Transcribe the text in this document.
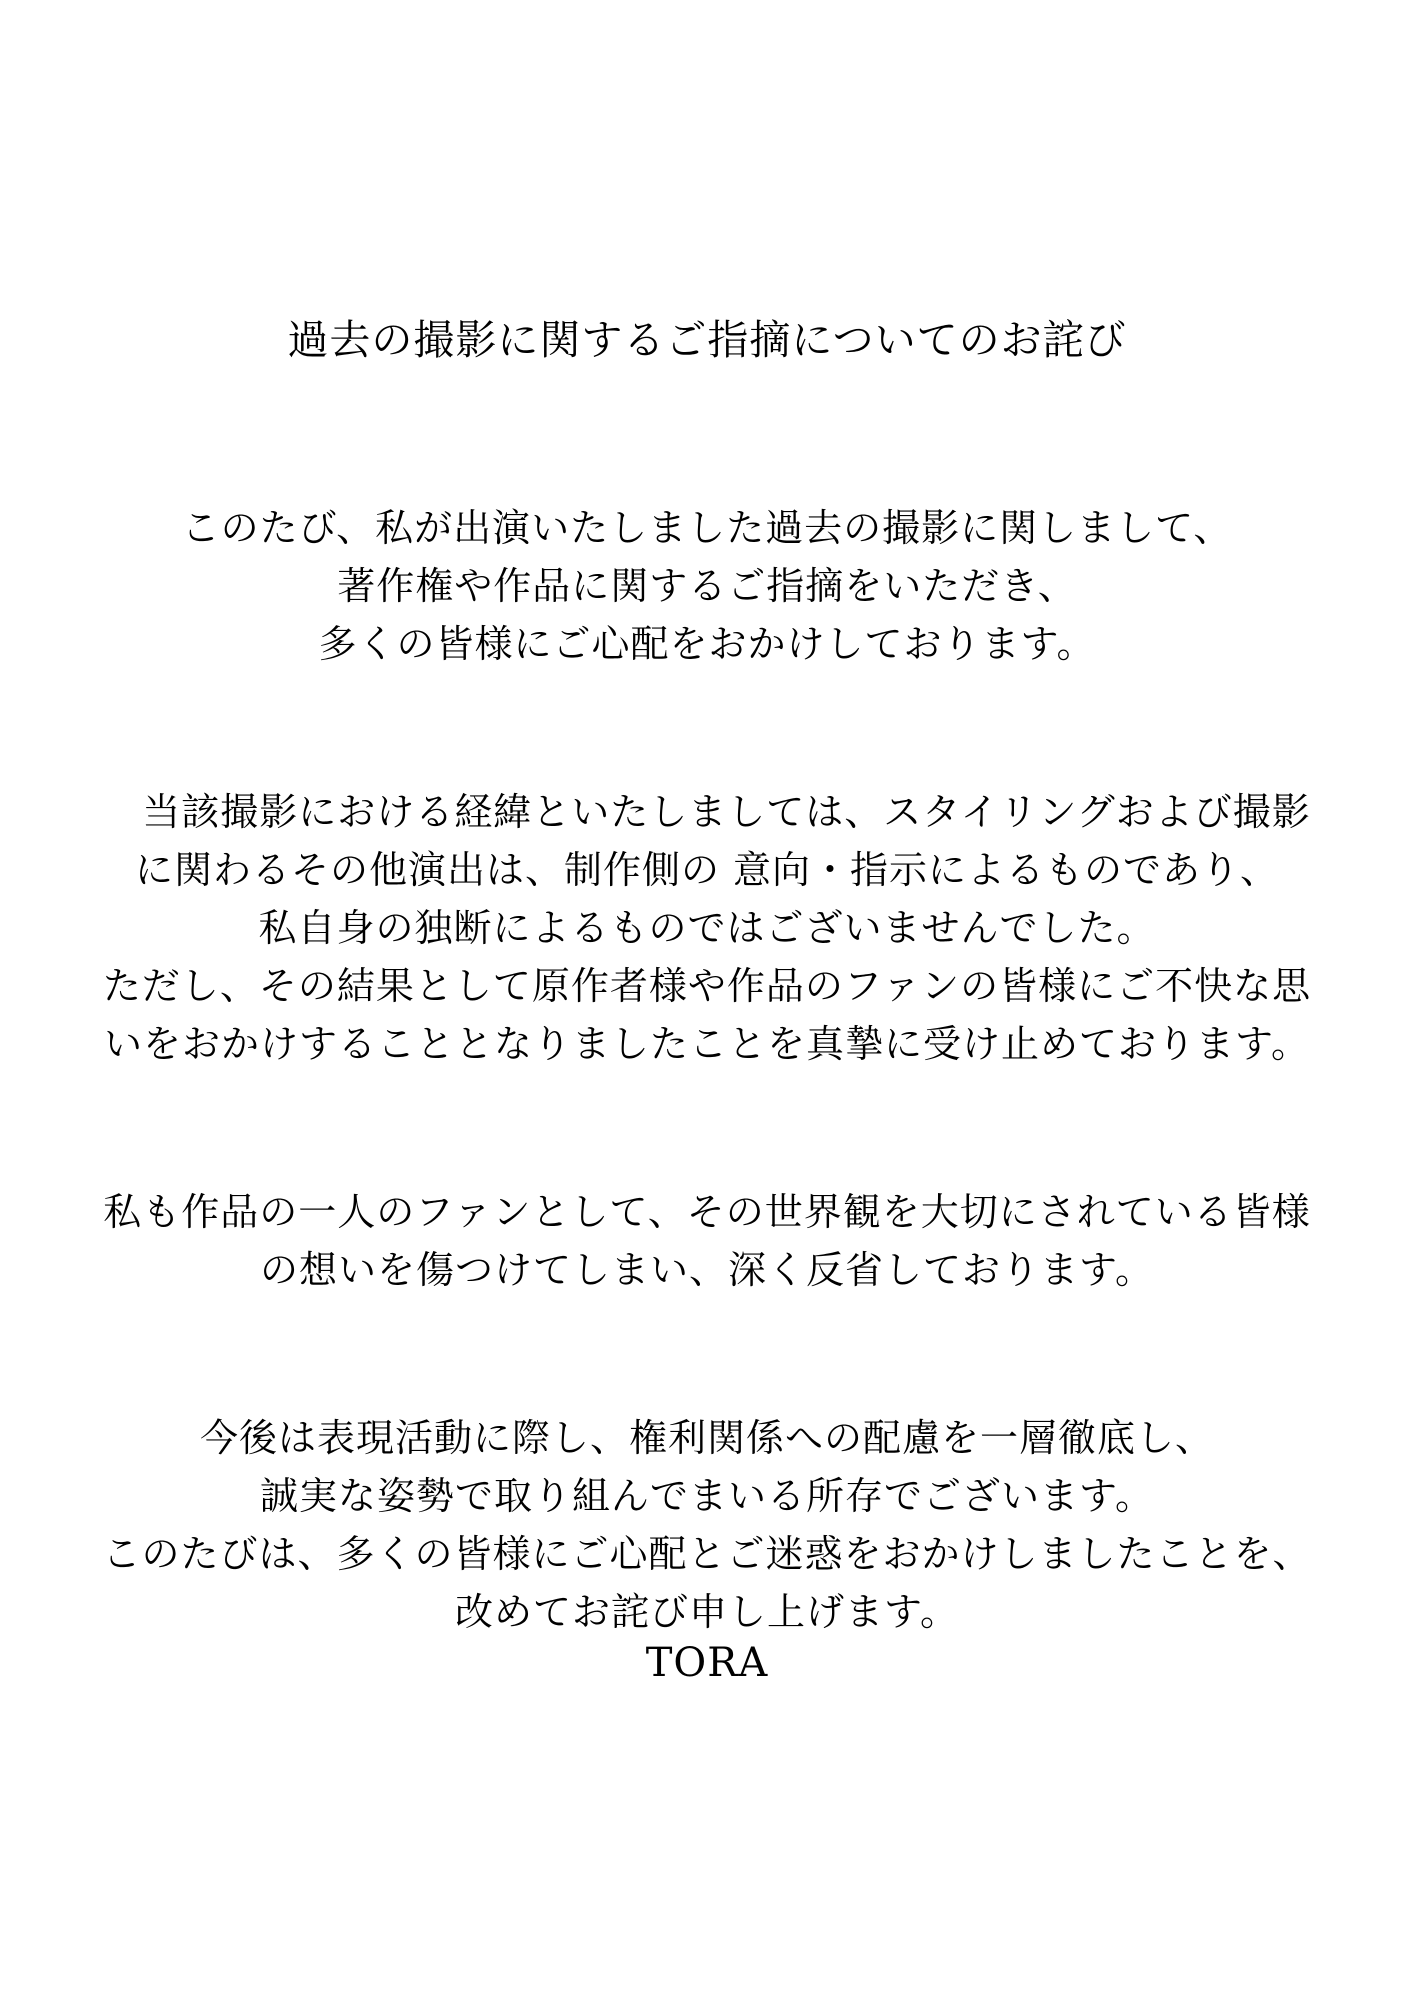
過去の撮影に関するご指摘についてのお詫び
このたび、私が出演いたしました過去の撮影に関しまして、
著作権や作品に関するご指摘をいただき、
多くの皆様にご心配をおかけしております。
　当該撮影における経緯といたしましては、スタイリングおよび撮影
に関わるその他演出は、制作側の 意向・指示によるものであり、
私自身の独断によるものではございませんでした。
ただし、その結果として原作者様や作品のファンの皆様にご不快な思
いをおかけすることとなりましたことを真摯に受け止めております。
私も作品の一人のファンとして、その世界観を大切にされている皆様
の想いを傷つけてしまい、深く反省しております。
今後は表現活動に際し、権利関係への配慮を一層徹底し、
誠実な姿勢で取り組んでまいる所存でございます。
このたびは、多くの皆様にご心配とご迷惑をおかけしましたことを、
改めてお詫び申し上げます。
TORA
